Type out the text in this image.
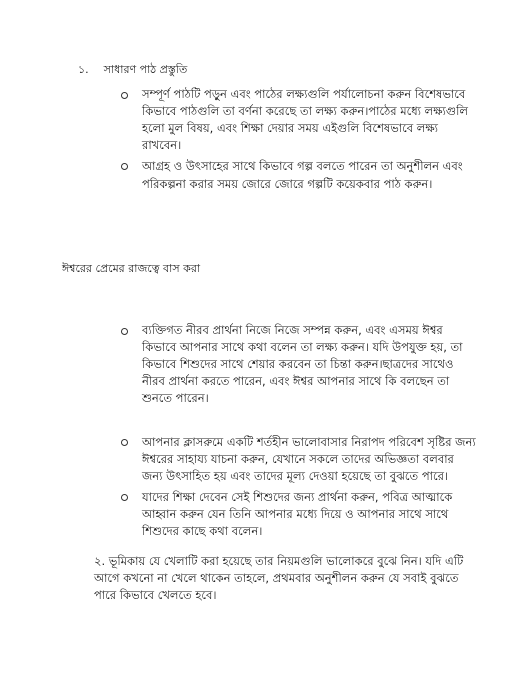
১. সাধারণ পাঠ প্রস্তুতি
সম্পূর্ণ পাঠটি পড়ুন এবং পাঠের লক্ষ্যগুলি পর্যালোচনা করুন বিশেষভাবে
কিভাবে পাঠগুলি তা বর্ণনা করেছে তা লক্ষ্য করুন।পাঠের মধ্যে লক্ষ্যগুলি
হলো মুল বিষয়, এবং শিক্ষা দেয়ার সময় এইগুলি বিশেষভাবে লক্ষ্য
রাখবেন।
আগ্রহ ও উৎসাহের সাথে কিভাবে গল্প বলতে পারেন তা অনুশীলন এবং
পরিকল্পনা করার সময় জোরে জোরে গল্পটি কয়েকবার পাঠ করুন।
ঈশ্বরের প্রেমের রাজত্বে বাস করা
ব্যক্তিগত নীরব প্রার্থনা নিজে নিজে সম্পন্ন করুন, এবং এসময় ঈশ্বর
কিভাবে আপনার সাথে কথা বলেন তা লক্ষ্য করুন। যদি উপযুক্ত হয়, তা
কিভাবে শিশুদের সাথে শেয়ার করবেন তা চিন্তা করুন।ছাত্রদের সাথেও
নীরব প্রার্থনা করতে পারেন, এবং ঈশ্বর আপনার সাথে কি বলছেন তা
শুনতে পারেন।
আপনার ক্লাসরুমে একটি শর্তহীন ভালোবাসার নিরাপদ পরিবেশ সৃষ্টির জন্য
ঈশ্বরের সাহায্য যাচনা করুন, যেখানে সকলে তাদের অভিজ্ঞতা বলবার
জন্য উৎসাহিত হয় এবং তাদের মূল্য দেওয়া হয়েছে তা বুঝতে পারে।
যাদের শিক্ষা দেবেন সেই শিশুদের জন্য প্রার্থনা করুন, পবিত্র আত্মাকে
আহ্বান করুন যেন তিনি আপনার মধ্যে দিয়ে ও আপনার সাথে সাথে
শিশুদের কাছে কথা বলেন।
২. ভূমিকায় যে খেলাটি করা হয়েছে তার নিয়মগুলি ভালোকরে বুঝে নিন। যদি এটি
আগে কখনো না খেলে থাকেন তাহলে, প্রথমবার অনুশীলন করুন যে সবাই বুঝতে
পারে কিভাবে খেলতে হবে।
